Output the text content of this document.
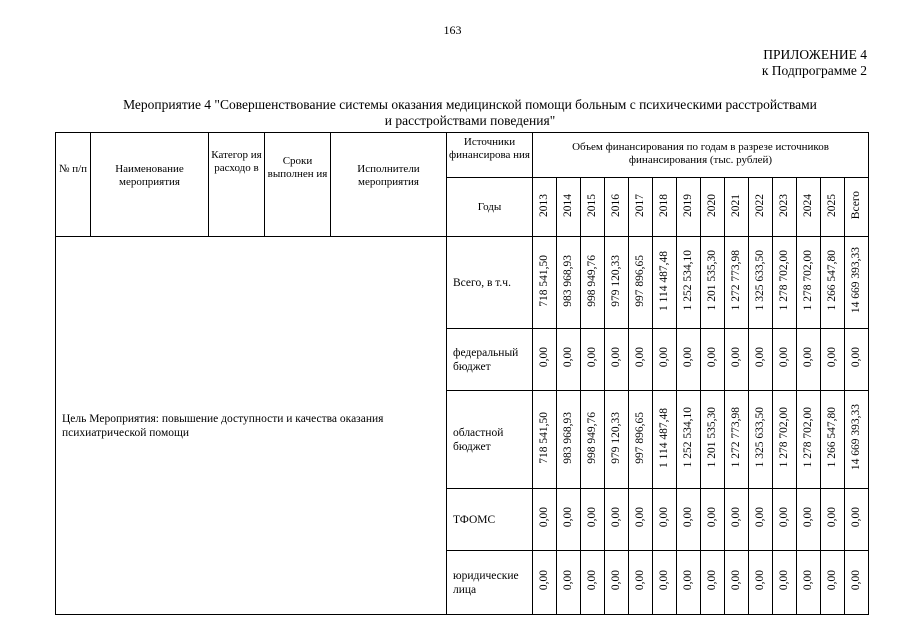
163
ПРИЛОЖЕНИЕ 4
к Подпрограмме 2
Мероприятие 4 "Совершенствование системы оказания медицинской помощи больным с психическими расстройствами и расстройствами поведения"
№ п/п	Наименование мероприятия	Категор ия расходо в	Сроки выполнен ия	Исполнители мероприятия	Источники финансирова ния	Объем финансирования по годам в разрезе источников финансирования (тыс. рублей)													
					Годы	2013	2014	2015	2016	2017	2018	2019	2020	2021	2022	2023	2024	2025	Всего
Цель Мероприятия: повышение доступности и качества оказания психиатрической помощи					Всего, в т.ч.	718 541,50	983 968,93	998 949,76	979 120,33	997 896,65	1 114 487,48	1 252 534,10	1 201 535,30	1 272 773,98	1 325 633,50	1 278 702,00	1 278 702,00	1 266 547,80	14 669 393,33
					федеральный бюджет	0,00	0,00	0,00	0,00	0,00	0,00	0,00	0,00	0,00	0,00	0,00	0,00	0,00	0,00
					областной бюджет	718 541,50	983 968,93	998 949,76	979 120,33	997 896,65	1 114 487,48	1 252 534,10	1 201 535,30	1 272 773,98	1 325 633,50	1 278 702,00	1 278 702,00	1 266 547,80	14 669 393,33
					ТФОМС	0,00	0,00	0,00	0,00	0,00	0,00	0,00	0,00	0,00	0,00	0,00	0,00	0,00	0,00
					юридические лица	0,00	0,00	0,00	0,00	0,00	0,00	0,00	0,00	0,00	0,00	0,00	0,00	0,00	0,00
